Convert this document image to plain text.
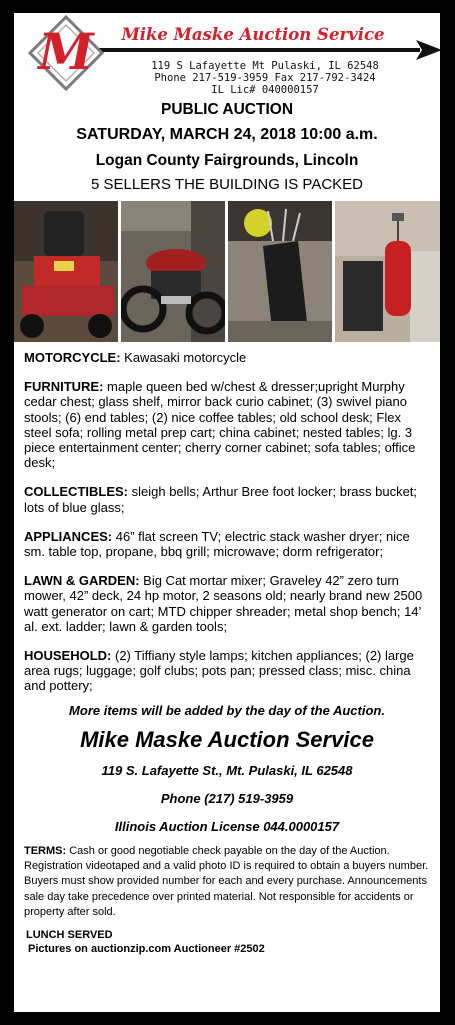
M	Mike Maske Auction Service
119 S Lafayette Mt Pulaski, IL 62548
Phone 217-519-3959 Fax 217-792-3424
IL Lic# 040000157
PUBLIC AUCTION
SATURDAY, MARCH 24, 2018 10:00 a.m.
Logan County Fairgrounds, Lincoln
5 SELLERS THE BUILDING IS PACKED

MOTORCYCLE: Kawasaki motorcycle

FURNITURE: maple queen bed w/chest & dresser;upright Murphy cedar chest; glass shelf, mirror back curio cabinet; (3) swivel piano stools; (6) end tables; (2) nice coffee tables; old school desk; Flex steel sofa; rolling metal prep cart; china cabinet; nested tables; lg. 3 piece entertainment center; cherry corner cabinet; sofa tables; office desk;

COLLECTIBLES: sleigh bells; Arthur Bree foot locker; brass bucket; lots of blue glass;

APPLIANCES: 46” flat screen TV; electric stack washer dryer; nice sm. table top, propane, bbq grill; microwave; dorm refrigerator;

LAWN & GARDEN: Big Cat mortar mixer; Graveley 42” zero turn mower, 42” deck, 24 hp motor, 2 seasons old; nearly brand new 2500 watt generator on cart; MTD chipper shreader; metal shop bench; 14’ al. ext. ladder; lawn & garden tools;

HOUSEHOLD: (2) Tiffiany style lamps; kitchen appliances; (2) large area rugs; luggage; golf clubs; pots pan; pressed class; misc. china and pottery;

More items will be added by the day of the Auction.
Mike Maske Auction Service
119 S. Lafayette St., Mt. Pulaski, IL 62548
Phone (217) 519-3959
Illinois Auction License 044.0000157
TERMS: Cash or good negotiable check payable on the day of the Auction. Registration videotaped and a valid photo ID is required to obtain a buyers number. Buyers must show provided number for each and every purchase. Announcements sale day take precedence over printed material. Not responsible for accidents or property after sold.
LUNCH SERVED
Pictures on auctionzip.com Auctioneer #2502
